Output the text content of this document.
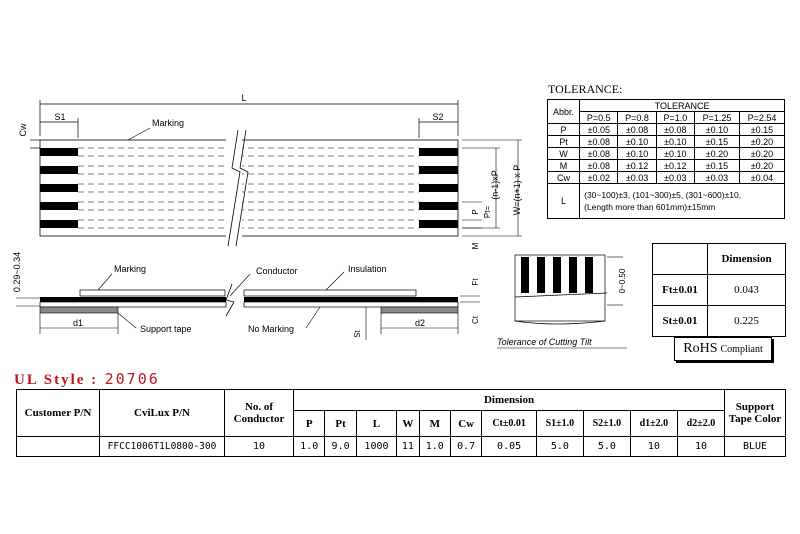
L
S1	S2
Cw
Marking
(n-1)xP W=(n+1) x P
P Pt=
M
0.29~0.34	Marking	Conductor	Insulation
Support tape	No Marking
d1	d2
St
Ft
Ct
0~0.50
Tolerance of Cutting Tilt
TOLERANCE:
Abbr.	TOLERANCE				
	P=0.5	P=0.8	P=1.0	P=1.25	P=2.54
P	±0.05	±0.08	±0.08	±0.10	±0.15
Pt	±0.08	±0.10	±0.10	±0.15	±0.20
W	±0.08	±0.10	±0.10	±0.20	±0.20
M	±0.08	±0.12	±0.12	±0.15	±0.20
Cw	±0.02	±0.03	±0.03	±0.03	±0.04
L	(30~100)±3, (101~300)±5, (301~600)±10,
(Length more than 601mm)±15mm				
	Dimension
Ft±0.01	0.043
St±0.01	0.225
RoHS Compliant
UL Style : 20706
Customer P/N	CviLux P/N	No. of Conductor	Dimension											Support Tape Color
			P	Pt	L	W	M	Cw	Ct±0.01	S1±1.0	S2±1.0	d1±2.0	d2±2.0	
	FFCC1006T1L0800-300	10	1.0	9.0	1000	11	1.0	0.7	0.05	5.0	5.0	10	10	BLUE
